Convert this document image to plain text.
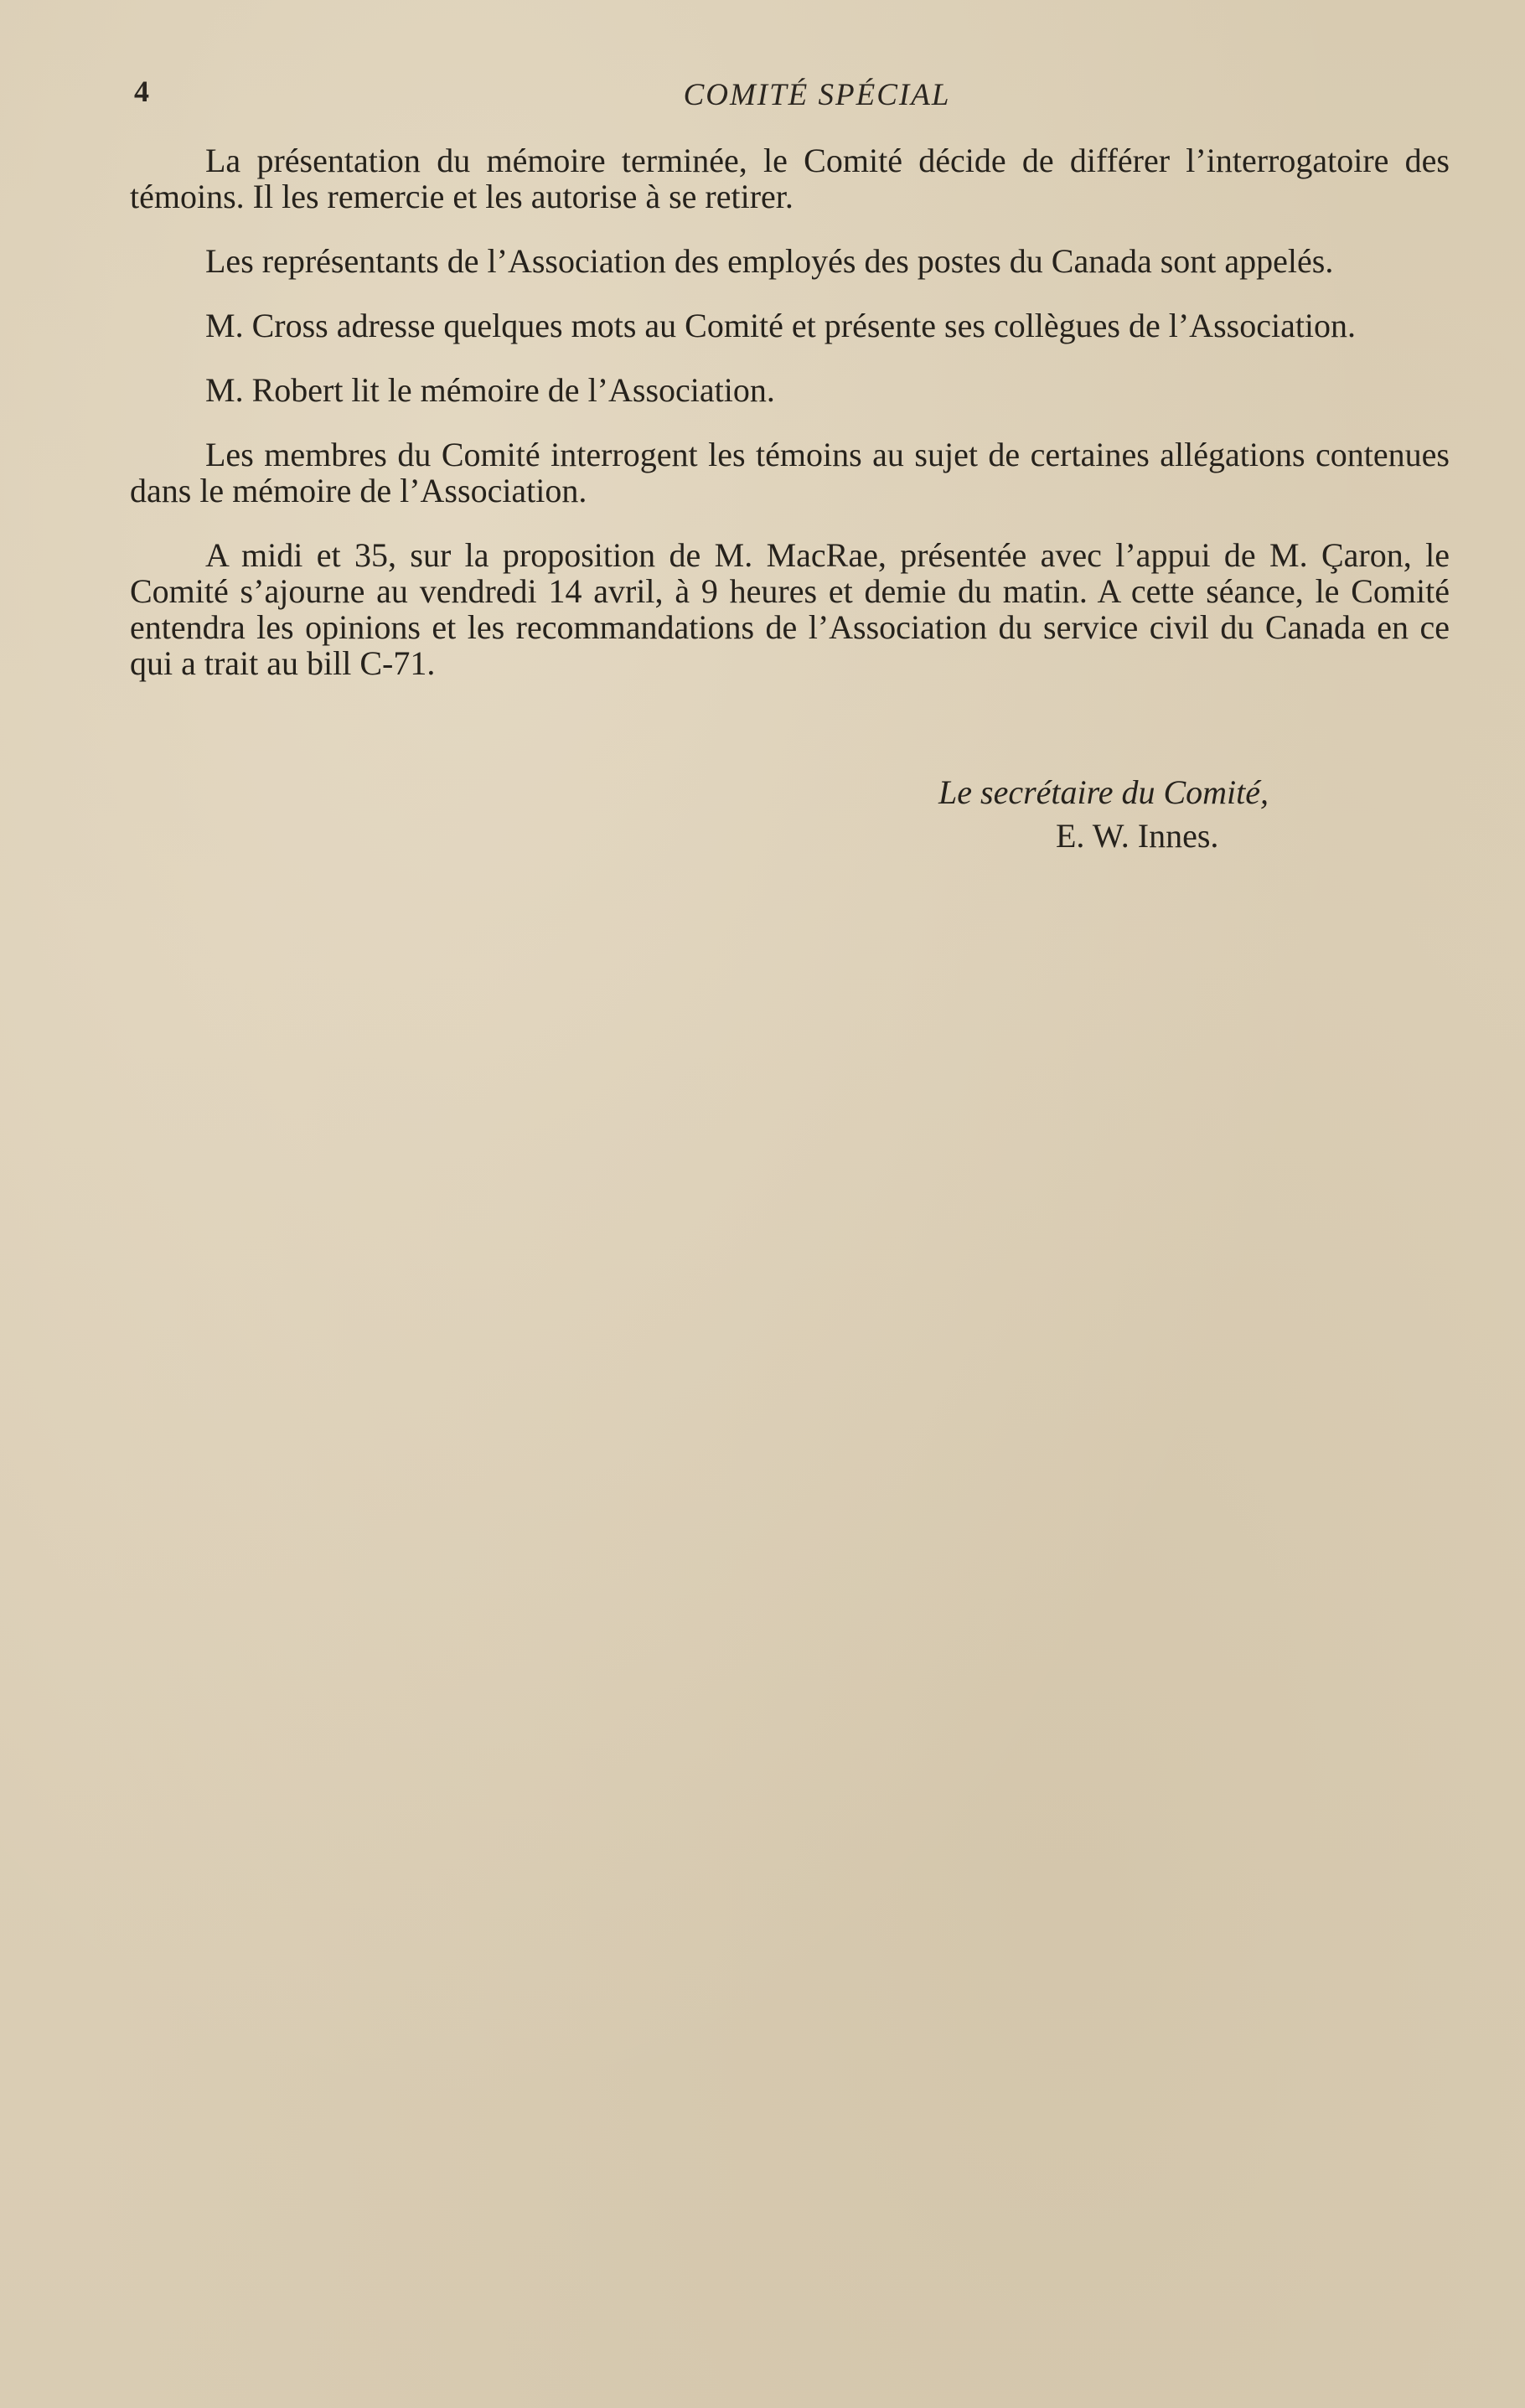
4	COMITÉ SPÉCIAL

La présentation du mémoire terminée, le Comité décide de différer l’interrogatoire des témoins. Il les remercie et les autorise à se retirer.

Les représentants de l’Association des employés des postes du Canada sont appelés.

M. Cross adresse quelques mots au Comité et présente ses collègues de l’Association.

M. Robert lit le mémoire de l’Association.

Les membres du Comité interrogent les témoins au sujet de certaines allégations contenues dans le mémoire de l’Association.

A midi et 35, sur la proposition de M. MacRae, présentée avec l’appui de M. Çaron, le Comité s’ajourne au vendredi 14 avril, à 9 heures et demie du matin. A cette séance, le Comité entendra les opinions et les recommandations de l’Association du service civil du Canada en ce qui a trait au bill C-71.

Le secrétaire du Comité,
E. W. Innes.
